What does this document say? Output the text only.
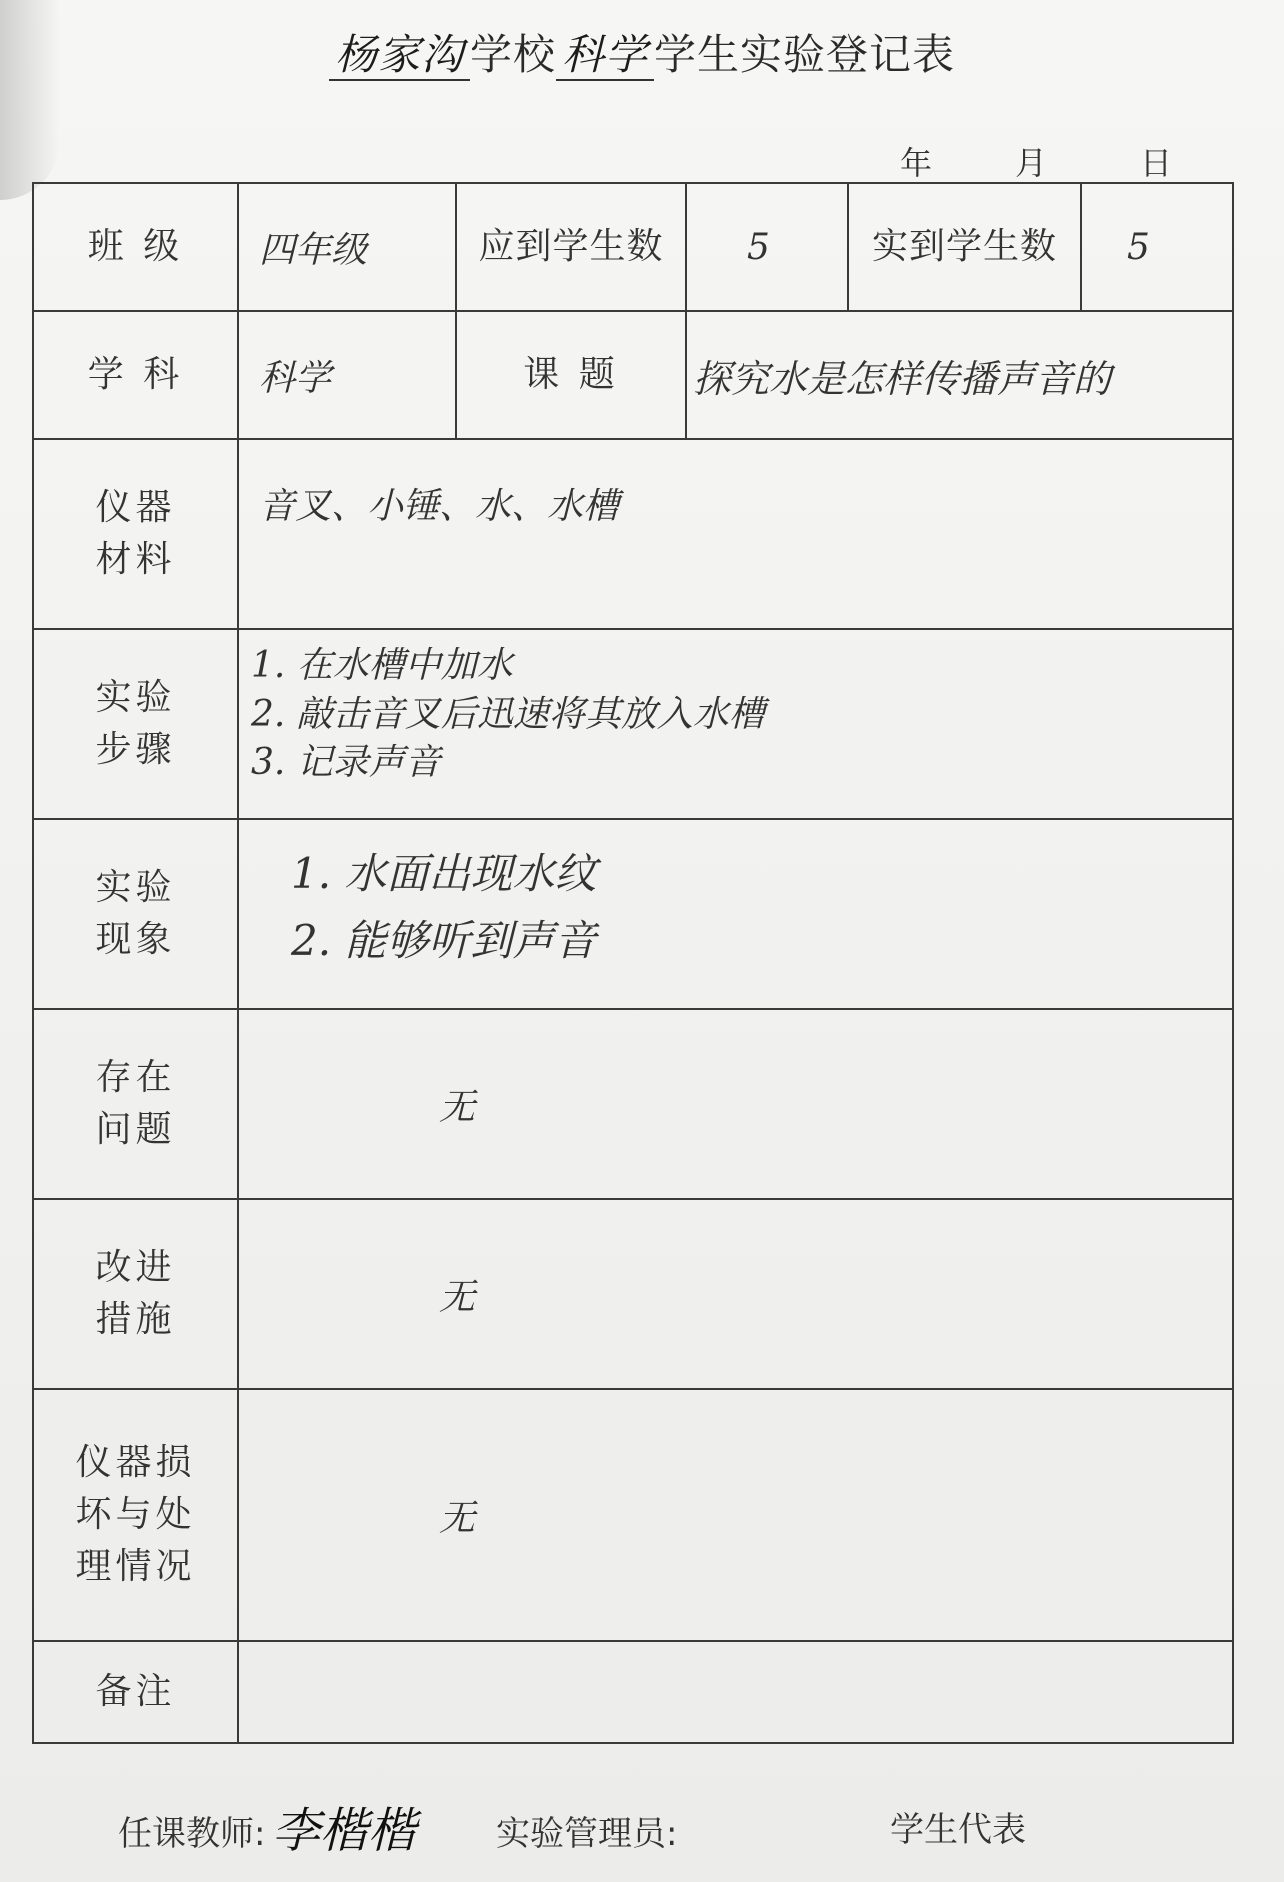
杨家沟 学校 科学 学生实验登记表
年	月	日
班 级	四年级	应到学生数	5	实到学生数	5
学 科	科学	课 题	探究水是怎样传播声音的		

仪器
材料	音叉、小锤、水、水槽				

实验
步骤	1. 在水槽中加水
2. 敲击音叉后迅速将其放入水槽
3. 记录声音				

实验
现象	1. 水面出现水纹
2. 能够听到声音				

存在
问题	无				

改进
措施	无				

仪器损
坏与处
理情况	无				
备注					
任课教师: 李楷楷 实验管理员:	学生代表
